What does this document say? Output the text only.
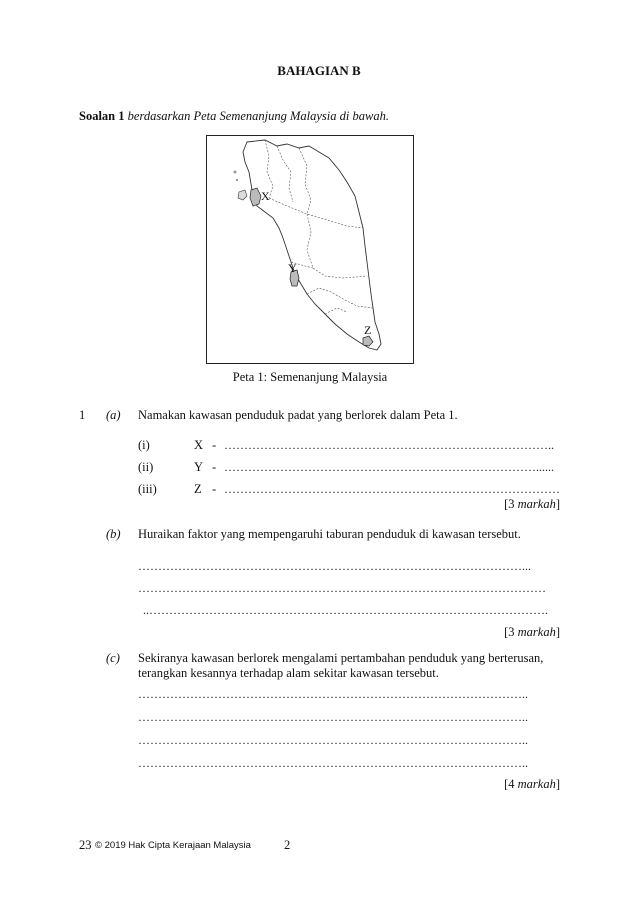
BAHAGIAN B
Soalan 1 berdasarkan Peta Semenanjung Malaysia di bawah.
X
Y
Z
Peta 1: Semenanjung Malaysia
1 (a) Namakan kawasan penduduk padat yang berlorek dalam Peta 1.
(i)	X - ………………………………………………………………………..
(ii)	Y - ……………………………………………………………………......
(iii)	Z - …………………………………………………………………………
[3 markah]
(b) Huraikan faktor yang mempengaruhi taburan penduduk di kawasan tersebut.
……………………………………………………………………………………...
…………………………………………………………………………………………
..……………………………………………………………………………………….
[3 markah]
(c) Sekiranya kawasan berlorek mengalami pertambahan penduduk yang berterusan,
terangkan kesannya terhadap alam sekitar kawasan tersebut.
……………………………………………………………………………………..
……………………………………………………………………………………..
……………………………………………………………………………………..
……………………………………………………………………………………..
[4 markah]
23 © 2019 Hak Cipta Kerajaan Malaysia	2
